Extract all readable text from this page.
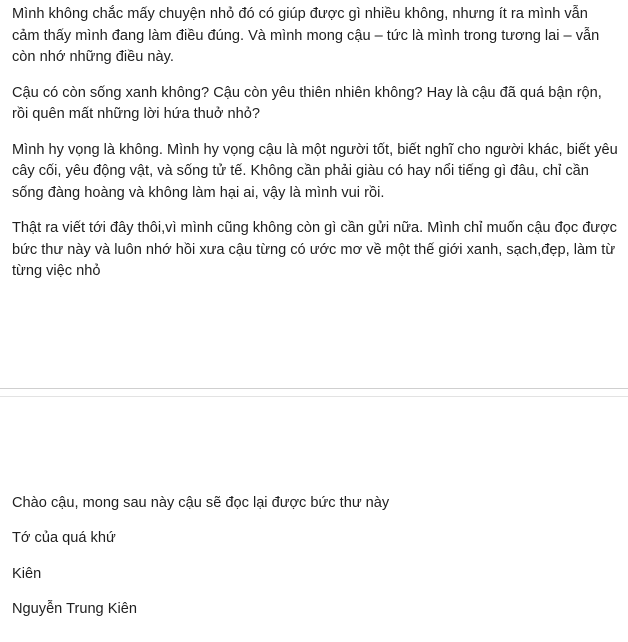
Mình không chắc mấy chuyện nhỏ đó có giúp được gì nhiều không, nhưng ít ra mình vẫn cảm thấy mình đang làm điều đúng. Và mình mong cậu – tức là mình trong tương lai – vẫn còn nhớ những điều này.

Cậu có còn sống xanh không? Cậu còn yêu thiên nhiên không? Hay là cậu đã quá bận rộn, rồi quên mất những lời hứa thuở nhỏ?

Mình hy vọng là không. Mình hy vọng cậu là một người tốt, biết nghĩ cho người khác, biết yêu cây cối, yêu động vật, và sống tử tế. Không cần phải giàu có hay nổi tiếng gì đâu, chỉ cần sống đàng hoàng và không làm hại ai, vậy là mình vui rồi.

Thật ra viết tới đây thôi,vì mình cũng không còn gì cần gửi nữa. Mình chỉ muốn cậu đọc được bức thư này và luôn nhớ hồi xưa cậu từng có ước mơ về một thế giới xanh, sạch,đẹp, làm từ từng việc nhỏ

Chào cậu, mong sau này cậu sẽ đọc lại được bức thư này

Tớ của quá khứ

Kiên

Nguyễn Trung Kiên
